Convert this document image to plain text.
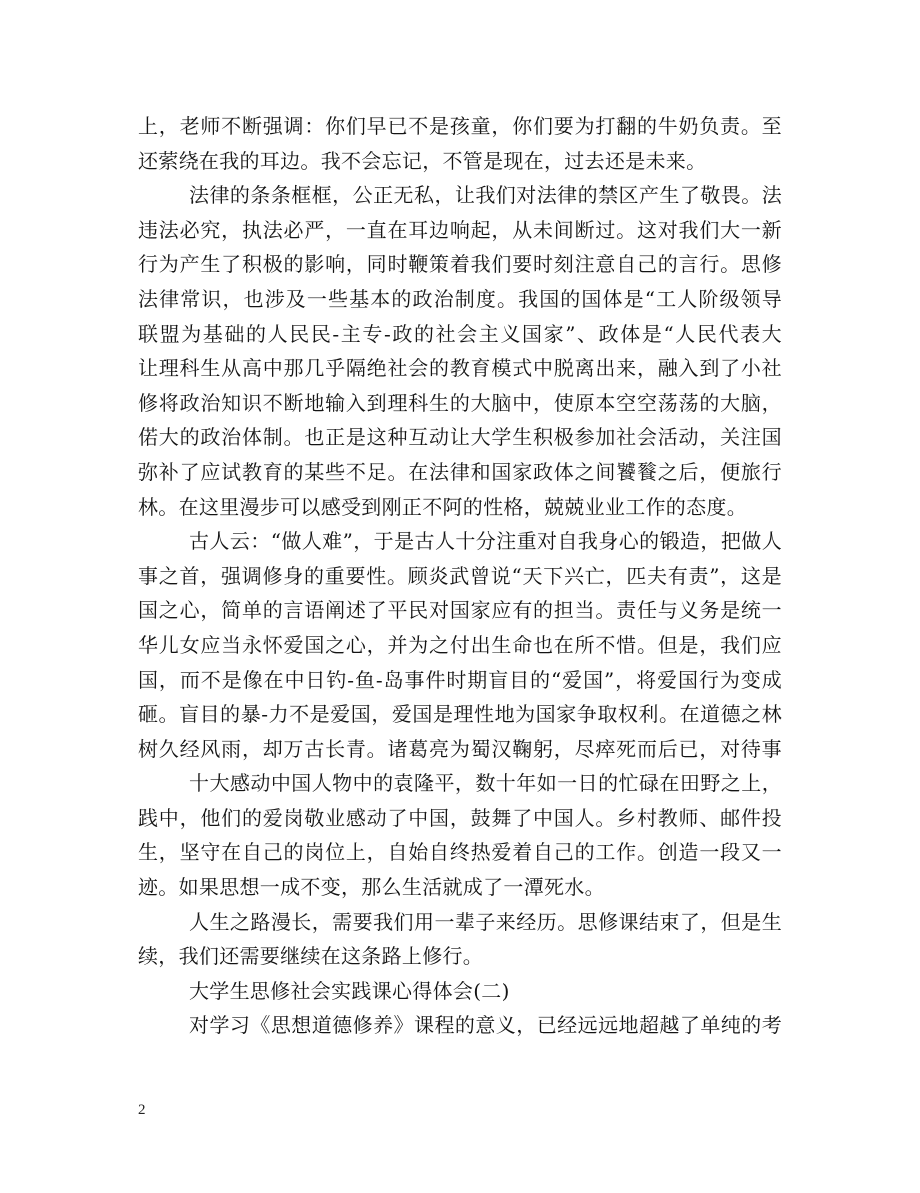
上，老师不断强调：你们早已不是孩童，你们要为打翻的牛奶负责。至
还萦绕在我的耳边。我不会忘记，不管是现在，过去还是未来。
法律的条条框框，公正无私，让我们对法律的禁区产生了敬畏。法
违法必究，执法必严，一直在耳边响起，从未间断过。这对我们大一新
行为产生了积极的影响，同时鞭策着我们要时刻注意自己的言行。思修
法律常识，也涉及一些基本的政治制度。我国的国体是“工人阶级领导
联盟为基础的人民民-主专-政的社会主义国家”、政体是“人民代表大
让理科生从高中那几乎隔绝社会的教育模式中脱离出来，融入到了小社
修将政治知识不断地输入到理科生的大脑中，使原本空空荡荡的大脑，
偌大的政治体制。也正是这种互动让大学生积极参加社会活动，关注国
弥补了应试教育的某些不足。在法律和国家政体之间饕餮之后，便旅行
林。在这里漫步可以感受到刚正不阿的性格，兢兢业业工作的态度。
古人云：“做人难”，于是古人十分注重对自我身心的锻造，把做人
事之首，强调修身的重要性。顾炎武曾说“天下兴亡，匹夫有责”，这是
国之心，简单的言语阐述了平民对国家应有的担当。责任与义务是统一
华儿女应当永怀爱国之心，并为之付出生命也在所不惜。但是，我们应
国，而不是像在中日钓-鱼-岛事件时期盲目的“爱国”，将爱国行为变成
砸。盲目的暴-力不是爱国，爱国是理性地为国家争取权利。在道德之林
树久经风雨，却万古长青。诸葛亮为蜀汉鞠躬，尽瘁死而后已，对待事
十大感动中国人物中的袁隆平，数十年如一日的忙碌在田野之上，
践中，他们的爱岗敬业感动了中国，鼓舞了中国人。乡村教师、邮件投
生，坚守在自己的岗位上，自始自终热爱着自己的工作。创造一段又一
迹。如果思想一成不变，那么生活就成了一潭死水。
人生之路漫长，需要我们用一辈子来经历。思修课结束了，但是生
续，我们还需要继续在这条路上修行。
大学生思修社会实践课心得体会(二)
对学习《思想道德修养》课程的意义，已经远远地超越了单纯的考
2
